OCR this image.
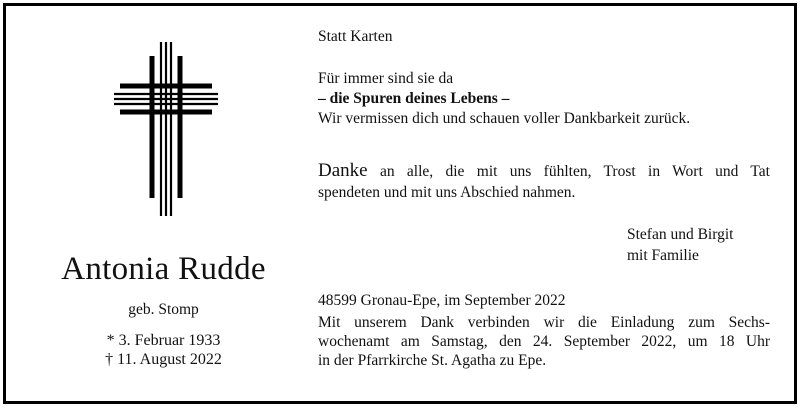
Antonia Rudde
geb. Stomp
* 3. Februar 1933
† 11. August 2022
Statt Karten
Für immer sind sie da
– die Spuren deines Lebens –
Wir vermissen dich und schauen voller Dankbarkeit zurück.
Danke an alle, die mit uns fühlten, Trost in Wort und Tat
spendeten und mit uns Abschied nahmen.
Stefan und Birgit
mit Familie
48599 Gronau-Epe, im September 2022
Mit unserem Dank verbinden wir die Einladung zum Sechs-
wochenamt am Samstag, den 24. September 2022, um 18 Uhr
in der Pfarrkirche St. Agatha zu Epe.
